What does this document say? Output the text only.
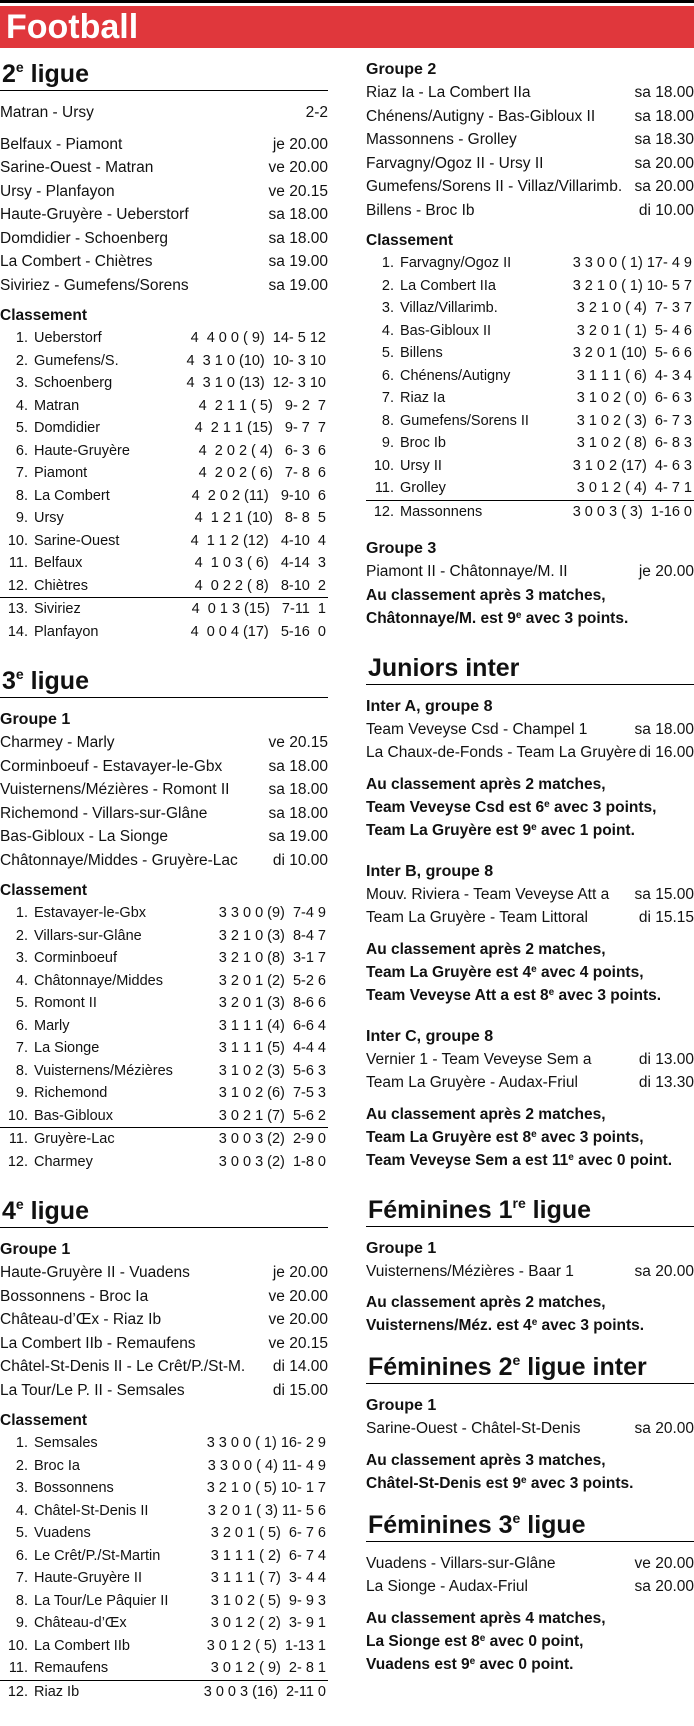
Football
2e ligue
Matran - Ursy	2-2
Belfaux - Piamont	je 20.00
Sarine-Ouest - Matran	ve 20.00
Ursy - Planfayon	ve 20.15
Haute-Gruyère - Ueberstorf	sa 18.00
Domdidier - Schoenberg	sa 18.00
La Combert - Chiètres	sa 19.00
Siviriez - Gumefens/Sorens	sa 19.00
Classement
1. Ueberstorf	4  4 0 0 ( 9)  14- 5 12
2. Gumefens/S.	4  3 1 0 (10)  10- 3 10
3. Schoenberg	4  3 1 0 (13)  12- 3 10
4. Matran	4  2 1 1 ( 5)   9- 2  7
5. Domdidier	4  2 1 1 (15)   9- 7  7
6. Haute-Gruyère	4  2 0 2 ( 4)   6- 3  6
7. Piamont	4  2 0 2 ( 6)   7- 8  6
8. La Combert	4  2 0 2 (11)   9-10  6
9. Ursy	4  1 2 1 (10)   8- 8  5
10. Sarine-Ouest	4  1 1 2 (12)   4-10  4
11. Belfaux	4  1 0 3 ( 6)   4-14  3
12. Chiètres	4  0 2 2 ( 8)   8-10  2
13. Siviriez	4  0 1 3 (15)   7-11  1
14. Planfayon	4  0 0 4 (17)   5-16  0
3e ligue
Groupe 1
Charmey - Marly	ve 20.15
Corminboeuf - Estavayer-le-Gbx	sa 18.00
Vuisternens/Mézières - Romont II	sa 18.00
Richemond - Villars-sur-Glâne	sa 18.00
Bas-Gibloux - La Sionge	sa 19.00
Châtonnaye/Middes - Gruyère-Lac di 10.00
Classement
1. Estavayer-le-Gbx	3 3 0 0 (9)  7-4 9
2. Villars-sur-Glâne	3 2 1 0 (3)  8-4 7
3. Corminboeuf	3 2 1 0 (8)  3-1 7
4. Châtonnaye/Middes	3 2 0 1 (2)  5-2 6
5. Romont II	3 2 0 1 (3)  8-6 6
6. Marly	3 1 1 1 (4)  6-6 4
7. La Sionge	3 1 1 1 (5)  4-4 4
8. Vuisternens/Mézières	3 1 0 2 (3)  5-6 3
9. Richemond	3 1 0 2 (6)  7-5 3
10. Bas-Gibloux	3 0 2 1 (7)  5-6 2
11. Gruyère-Lac	3 0 0 3 (2)  2-9 0
12. Charmey	3 0 0 3 (2)  1-8 0
4e ligue
Groupe 1
Haute-Gruyère II - Vuadens	je 20.00
Bossonnens - Broc Ia	ve 20.00
Château-d’Œx - Riaz Ib	ve 20.00
La Combert IIb - Remaufens	ve 20.15
Châtel-St-Denis II - Le Crêt/P./St-M. di 14.00
La Tour/Le P. II - Semsales	di 15.00
Classement
1. Semsales	3 3 0 0 ( 1) 16- 2 9
2. Broc Ia	3 3 0 0 ( 4) 11- 4 9
3. Bossonnens	3 2 1 0 ( 5) 10- 1 7
4. Châtel-St-Denis II	3 2 0 1 ( 3) 11- 5 6
5. Vuadens	3 2 0 1 ( 5)  6- 7 6
6. Le Crêt/P./St-Martin	3 1 1 1 ( 2)  6- 7 4
7. Haute-Gruyère II	3 1 1 1 ( 7)  3- 4 4
8. La Tour/Le Pâquier II	3 1 0 2 ( 5)  9- 9 3
9. Château-d’Œx	3 0 1 2 ( 2)  3- 9 1
10. La Combert IIb	3 0 1 2 ( 5)  1-13 1
11. Remaufens	3 0 1 2 ( 9)  2- 8 1
12. Riaz Ib	3 0 0 3 (16)  2-11 0
Groupe 2
Riaz Ia - La Combert IIa	sa 18.00
Chénens/Autigny - Bas-Gibloux II	sa 18.00
Massonnens - Grolley	sa 18.30
Farvagny/Ogoz II - Ursy II	sa 20.00
Gumefens/Sorens II - Villaz/Villarimb. sa 20.00
Billens - Broc Ib	di 10.00
Classement
1. Farvagny/Ogoz II	3 3 0 0 ( 1) 17- 4 9
2. La Combert IIa	3 2 1 0 ( 1) 10- 5 7
3. Villaz/Villarimb.	3 2 1 0 ( 4)  7- 3 7
4. Bas-Gibloux II	3 2 0 1 ( 1)  5- 4 6
5. Billens	3 2 0 1 (10)  5- 6 6
6. Chénens/Autigny	3 1 1 1 ( 6)  4- 3 4
7. Riaz Ia	3 1 0 2 ( 0)  6- 6 3
8. Gumefens/Sorens II	3 1 0 2 ( 3)  6- 7 3
9. Broc Ib	3 1 0 2 ( 8)  6- 8 3
10. Ursy II	3 1 0 2 (17)  4- 6 3
11. Grolley	3 0 1 2 ( 4)  4- 7 1
12. Massonnens	3 0 0 3 ( 3)  1-16 0
Groupe 3
Piamont II - Châtonnaye/M. II	je 20.00
Au classement après 3 matches,
Châtonnaye/M. est 9e avec 3 points.
Juniors inter
Inter A, groupe 8
Team Veveyse Csd - Champel 1	sa 18.00
La Chaux-de-Fonds - Team La Gruyère di 16.00
Au classement après 2 matches,
Team Veveyse Csd est 6e avec 3 points,
Team La Gruyère est 9e avec 1 point.
Inter B, groupe 8
Mouv. Riviera - Team Veveyse Att a sa 15.00
Team La Gruyère - Team Littoral	di 15.15
Au classement après 2 matches,
Team La Gruyère est 4e avec 4 points,
Team Veveyse Att a est 8e avec 3 points.
Inter C, groupe 8
Vernier 1 - Team Veveyse Sem a	di 13.00
Team La Gruyère - Audax-Friul	di 13.30
Au classement après 2 matches,
Team La Gruyère est 8e avec 3 points,
Team Veveyse Sem a est 11e avec 0 point.
Féminines 1re ligue
Groupe 1
Vuisternens/Mézières - Baar 1	sa 20.00
Au classement après 2 matches,
Vuisternens/Méz. est 4e avec 3 points.
Féminines 2e ligue inter
Groupe 1
Sarine-Ouest - Châtel-St-Denis	sa 20.00
Au classement après 3 matches,
Châtel-St-Denis est 9e avec 3 points.
Féminines 3e ligue
Vuadens - Villars-sur-Glâne	ve 20.00
La Sionge - Audax-Friul	sa 20.00
Au classement après 4 matches,
La Sionge est 8e avec 0 point,
Vuadens est 9e avec 0 point.
